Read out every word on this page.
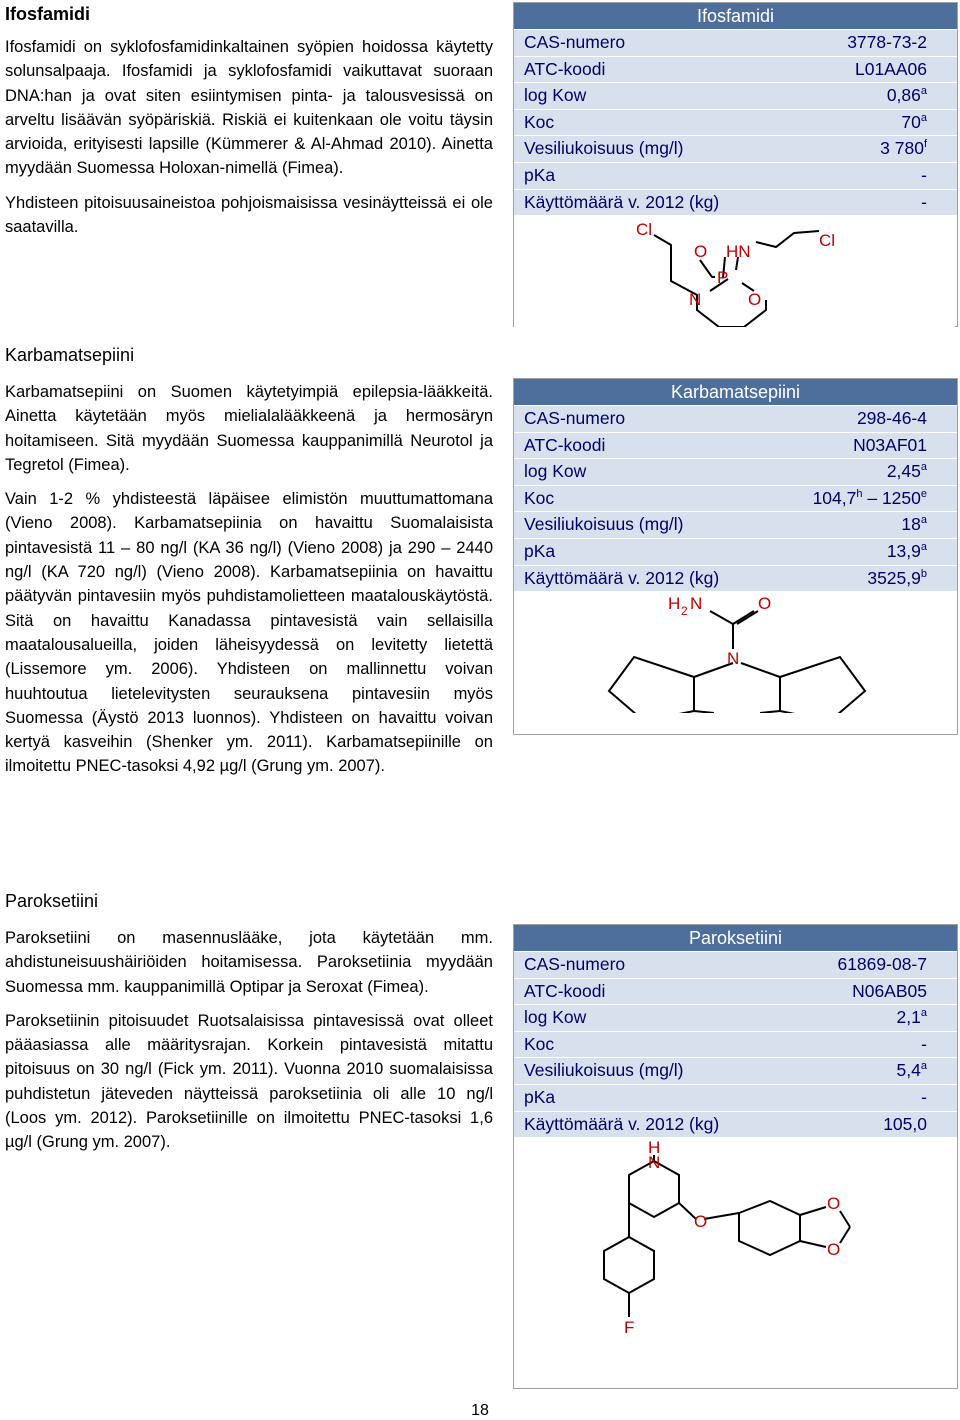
Ifosfamidi

Ifosfamidi on syklofosfamidinkaltainen syöpien hoidossa käytetty solunsalpaaja. Ifosfamidi ja syklofosfamidi vaikuttavat suoraan DNA:han ja ovat siten esiintymisen pinta- ja talousvesissä on arveltu lisäävän syöpäriskiä. Riskiä ei kuitenkaan ole voitu täysin arvioida, erityisesti lapsille (Kümmerer & Al-Ahmad 2010). Ainetta myydään Suomessa Holoxan-nimellä (Fimea).

Yhdisteen pitoisuusaineistoa pohjoismaisissa vesinäytteissä ei ole saatavilla.

Ifosfamidi
CAS-numero	3778-73-2
ATC-koodi	L01AA06
log Kow	0,86$^a$
Koc	70$^a$
Vesiliukoisuus (mg/l)	3 780$^f$
pKa	-
Käyttömäärä v. 2012 (kg)	-
Cl
Cl
O HN
P
N	O
Karbamatsepiini

Karbamatsepiini on Suomen käytetyimpiä epilepsia-lääkkeitä. Ainetta käytetään myös mielialalääkkeenä ja hermosäryn hoitamiseen. Sitä myydään Suomessa kauppanimillä Neurotol ja Tegretol (Fimea).

Vain 1-2 % yhdisteestä läpäisee elimistön muuttumattomana (Vieno 2008). Karbamatsepiinia on havaittu Suomalaisista pintavesistä 11 – 80 ng/l (KA 36 ng/l) (Vieno 2008) ja 290 – 2440 ng/l (KA 720 ng/l) (Vieno 2008). Karbamatsepiinia on havaittu päätyvän pintavesiin myös puhdistamolietteen maatalouskäytöstä. Sitä on havaittu Kanadassa pintavesistä vain sellaisilla maatalousalueilla, joiden läheisyydessä on levitetty lietettä (Lissemore ym. 2006). Yhdisteen on mallinnettu voivan huuhtoutua lietelevitysten seurauksena pintavesiin myös Suomessa (Äystö 2013 luonnos). Yhdisteen on havaittu voivan kertyä kasveihin (Shenker ym. 2011). Karbamatsepiinille on ilmoitettu PNEC-tasoksi 4,92 µg/l (Grung ym. 2007).

Karbamatsepiini
CAS-numero	298-46-4
ATC-koodi	N03AF01
log Kow	2,45$^a$
Koc	104,7$^h$ – 1250e
Vesiliukoisuus (mg/l)	18$^a$
pKa	13,9$^a$
Käyttömäärä v. 2012 (kg)	3525,9$^b$
H 2 N	O
N
Paroksetiini

Paroksetiini on masennuslääke, jota käytetään mm. ahdistuneisuushäiriöiden hoitamisessa. Paroksetiinia myydään Suomessa mm. kauppanimillä Optipar ja Seroxat (Fimea).

Paroksetiinin pitoisuudet Ruotsalaisissa pintavesissä ovat olleet pääasiassa alle määritysrajan. Korkein pintavesistä mitattu pitoisuus on 30 ng/l (Fick ym. 2011). Vuonna 2010 suomalaisissa puhdistetun jäteveden näytteissä paroksetiinia oli alle 10 ng/l (Loos ym. 2012). Paroksetiinille on ilmoitettu PNEC-tasoksi 1,6 µg/l (Grung ym. 2007).

Paroksetiini
CAS-numero	61869-08-7
ATC-koodi	N06AB05
log Kow	2,1$^a$
Koc	-
Vesiliukoisuus (mg/l)	5,4$^a$
pKa	-
Käyttömäärä v. 2012 (kg)	105,0
H
N
O
O
O
F
18
